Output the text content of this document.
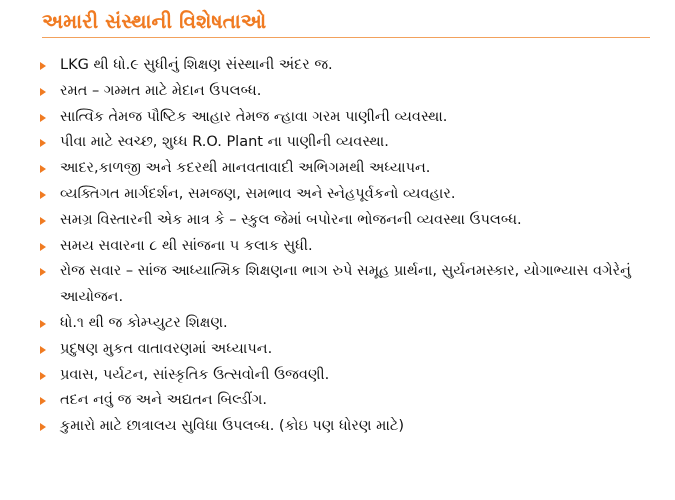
અમારી સંસ્થાની વિશેષતાઓ
LKG થી ધો.૯ સુધીનું શિક્ષણ સંસ્થાની અંદર જ.
રમત – ગમ્મત માટે મેદાન ઉપલબ્ધ.
સાત્વિક તેમજ પૌષ્ટિક આહાર તેમજ ન્હાવા ગરમ પાણીની વ્યવસ્થા.
પીવા માટે સ્વચ્છ, શુધ્ધ R.O. Plant ના પાણીની વ્યવસ્થા.
આદર,કાળજી અને કદરથી માનવતાવાદી અભિગમથી અધ્યાપન.
વ્યક્તિગત માર્ગદર્શન, સમજણ, સમભાવ અને સ્નેહપૂર્વકનો વ્યવહાર.
સમગ્ર વિસ્તારની એક માત્ર કે – સ્કુલ જેમાં બપોરના ભોજનની વ્યવસ્થા ઉપલબ્ધ.
સમય સવારના ૮ થી સાંજના ૫ કલાક સુધી.
રોજ સવાર – સાંજ આધ્યાત્મિક શિક્ષણના ભાગ રુપે સમૂહ પ્રાર્થના, સુર્યનમસ્કાર, યોગાભ્યાસ વગેરેનું આયોજન.
ધો.૧ થી જ કોમ્પ્યુટર શિક્ષણ.
પ્રદુષણ મુકત વાતાવરણમાં અધ્યાપન.
પ્રવાસ, પર્યટન, સાંસ્કૃતિક ઉત્સવોની ઉજવણી.
તદન નવું જ અને અદ્યતન બિલ્ડીંગ.
કુમારો માટે છાત્રાલય સુવિધા ઉપલબ્ધ. (કોઇ પણ ધોરણ માટે)
